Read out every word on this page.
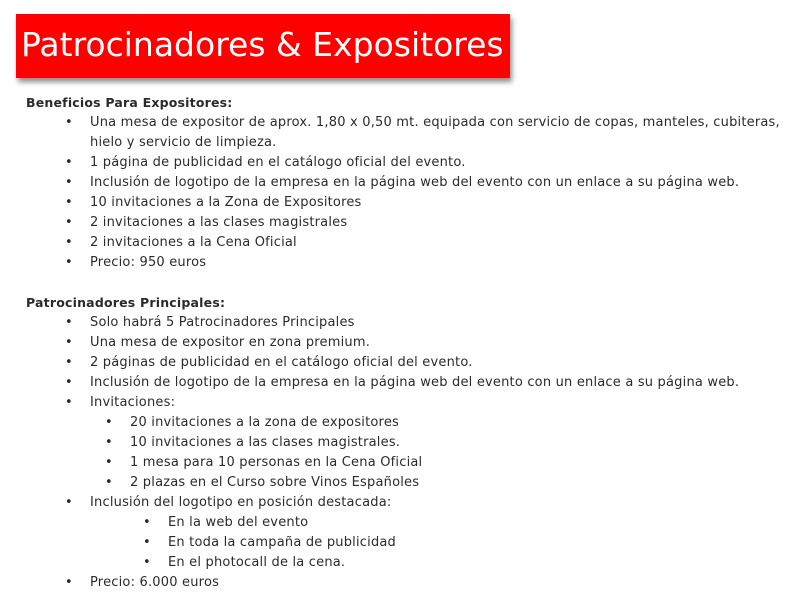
Patrocinadores & Expositores
Beneficios Para Expositores:
• Una mesa de expositor de aprox. 1,80 x 0,50 mt. equipada con servicio de copas, manteles, cubiteras, hielo y servicio de limpieza.
• 1 página de publicidad en el catálogo oficial del evento.
• Inclusión de logotipo de la empresa en la página web del evento con un enlace a su página web.
• 10 invitaciones a la Zona de Expositores
• 2 invitaciones a las clases magistrales
• 2 invitaciones a la Cena Oficial
• Precio: 950 euros
Patrocinadores Principales:
• Solo habrá 5 Patrocinadores Principales
• Una mesa de expositor en zona premium.
• 2 páginas de publicidad en el catálogo oficial del evento.
• Inclusión de logotipo de la empresa en la página web del evento con un enlace a su página web.
• Invitaciones:
• 20 invitaciones a la zona de expositores
• 10 invitaciones a las clases magistrales.
• 1 mesa para 10 personas en la Cena Oficial
• 2 plazas en el Curso sobre Vinos Españoles
• Inclusión del logotipo en posición destacada:
• En la web del evento
• En toda la campaña de publicidad
• En el photocall de la cena.
• Precio: 6.000 euros
